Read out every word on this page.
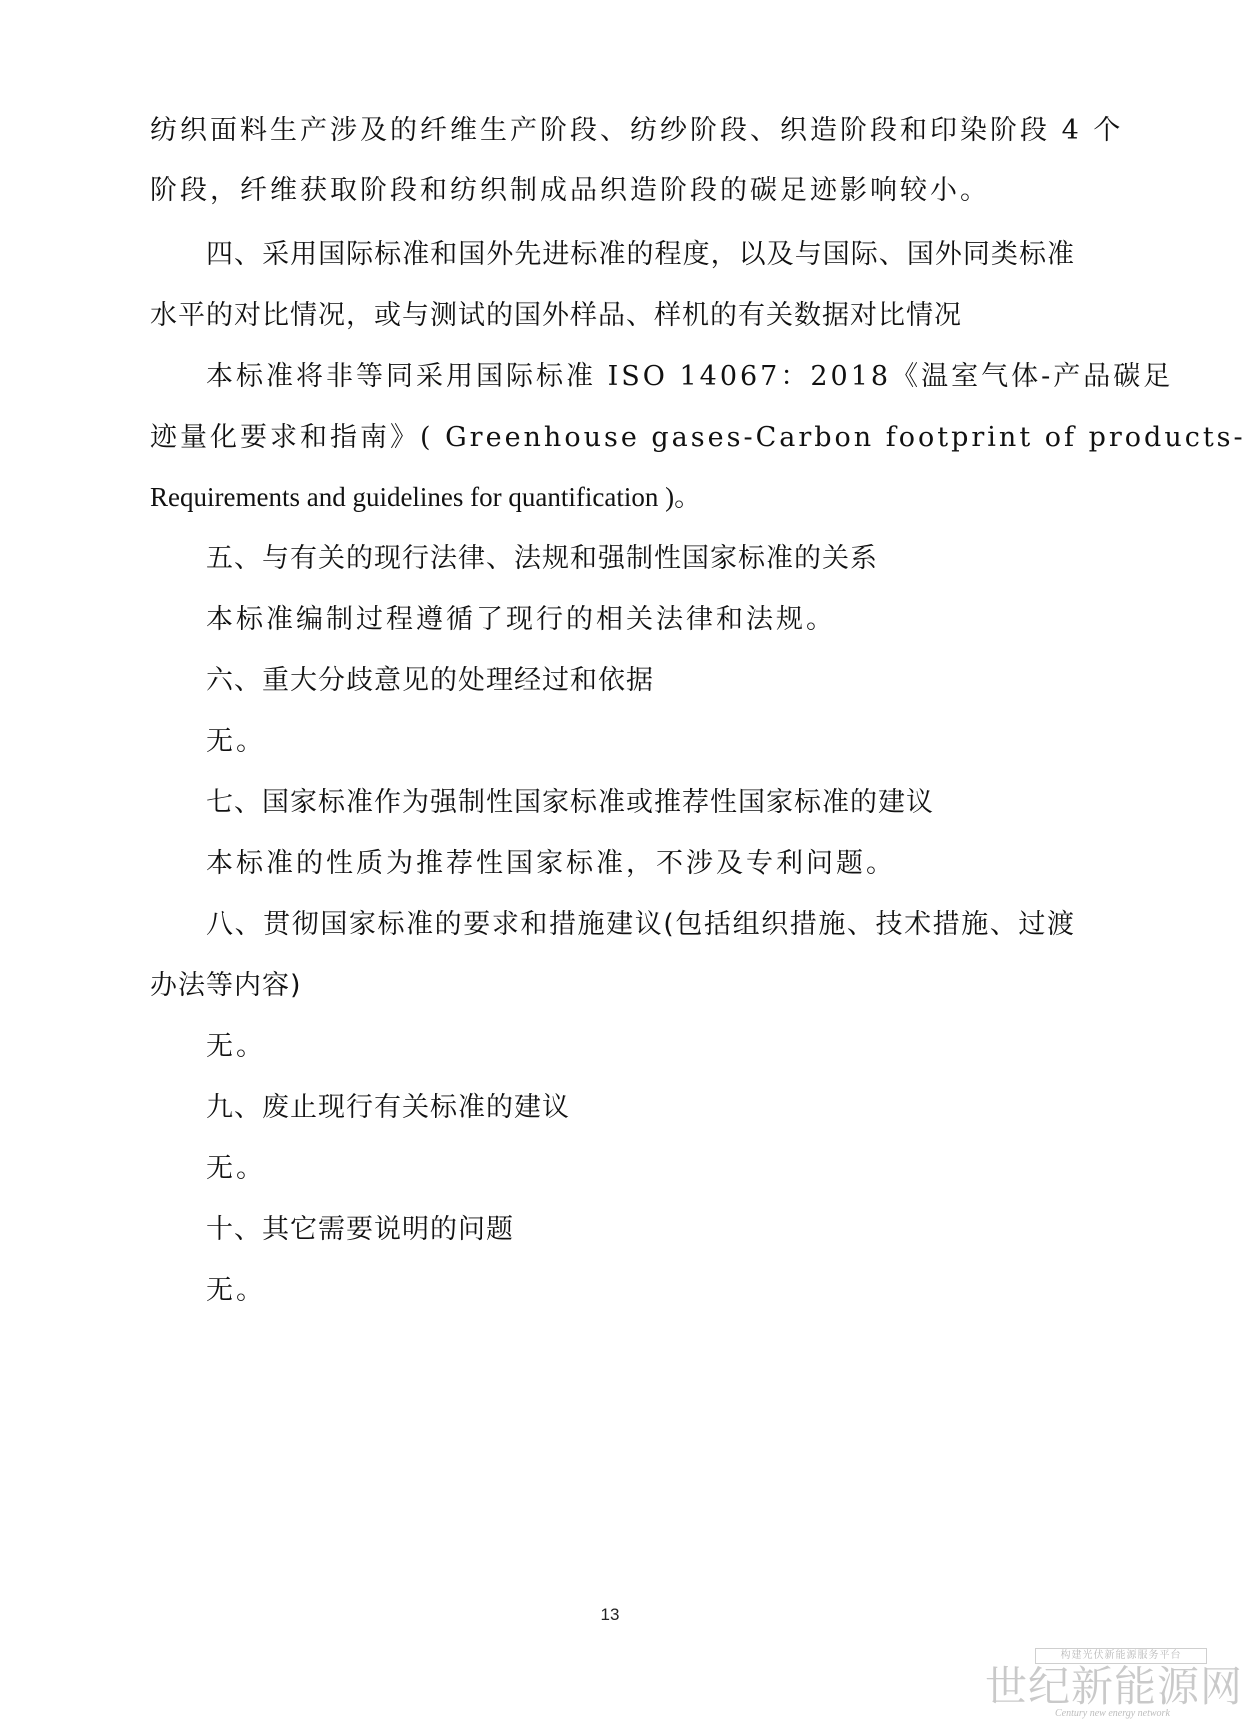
纺织面料生产涉及的纤维生产阶段、纺纱阶段、织造阶段和印染阶段 4 个
阶段，纤维获取阶段和纺织制成品织造阶段的碳足迹影响较小。
四、采用国际标准和国外先进标准的程度，以及与国际、国外同类标准
水平的对比情况，或与测试的国外样品、样机的有关数据对比情况
本标准将非等同采用国际标准 ISO 14067：2018《温室气体-产品碳足
迹量化要求和指南》( Greenhouse gases-Carbon footprint of products-
Requirements and guidelines for quantification )。
五、与有关的现行法律、法规和强制性国家标准的关系
本标准编制过程遵循了现行的相关法律和法规。
六、重大分歧意见的处理经过和依据
无。
七、国家标准作为强制性国家标准或推荐性国家标准的建议
本标准的性质为推荐性国家标准，不涉及专利问题。
八、贯彻国家标准的要求和措施建议(包括组织措施、技术措施、过渡
办法等内容)
无。
九、废止现行有关标准的建议
无。
十、其它需要说明的问题
无。
13
构建光伏新能源服务平台
世纪新能源网
Century new energy network
